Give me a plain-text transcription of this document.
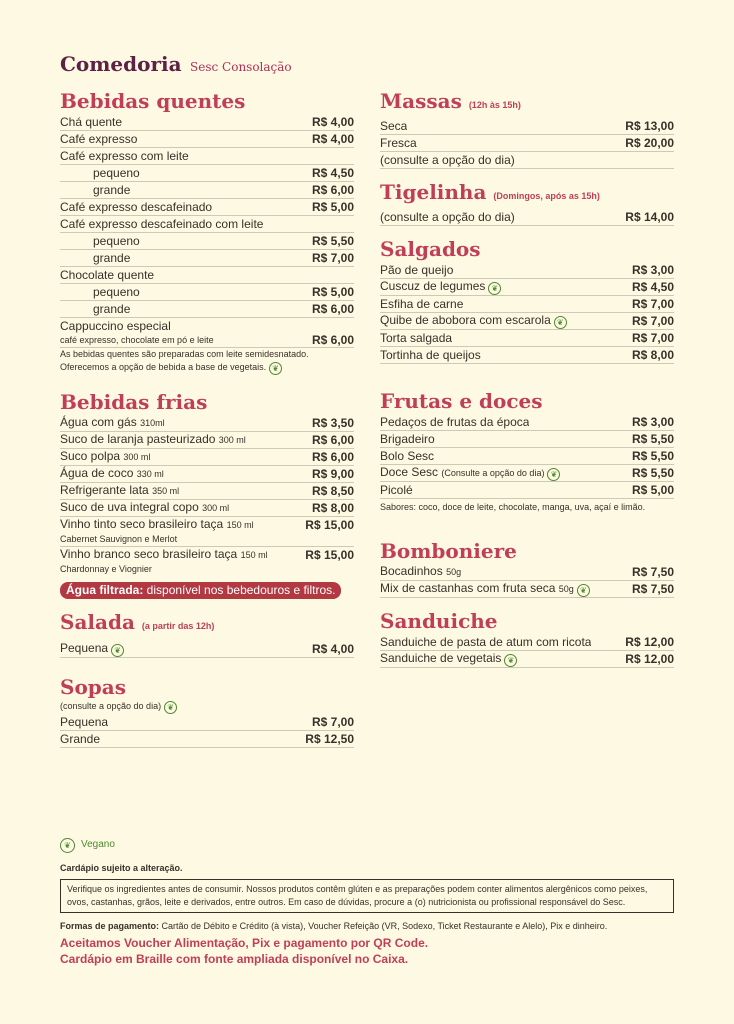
Comedoria Sesc Consolação
Bebidas quentes
Chá quente	R$ 4,00
Café expresso	R$ 4,00
Café expresso com leite
pequeno	R$ 4,50
grande	R$ 6,00
Café expresso descafeinado	R$ 5,00
Café expresso descafeinado com leite
pequeno	R$ 5,50
grande	R$ 7,00
Chocolate quente
pequeno	R$ 5,00
grande	R$ 6,00
Cappuccino especial
café expresso, chocolate em pó e leite	R$ 6,00
As bebidas quentes são preparadas com leite semidesnatado.
Oferecemos a opção de bebida a base de vegetais. ❦
Bebidas frias
Água com gás 310ml	R$ 3,50
Suco de laranja pasteurizado 300 ml	R$ 6,00
Suco polpa 300 ml	R$ 6,00
Água de coco 330 ml	R$ 9,00
Refrigerante lata 350 ml	R$ 8,50
Suco de uva integral copo 300 ml	R$ 8,00
Vinho tinto seco brasileiro taça 150 ml	R$ 15,00
Cabernet Sauvignon e Merlot
Vinho branco seco brasileiro taça 150 ml	R$ 15,00
Chardonnay e Viognier
Água filtrada: disponível nos bebedouros e filtros.
Salada (a partir das 12h)
Pequena ❦	R$ 4,00
Sopas
(consulte a opção do dia) ❦
Pequena	R$ 7,00
Grande	R$ 12,50
Massas (12h às 15h)
Seca	R$ 13,00
Fresca	R$ 20,00
(consulte a opção do dia)
Tigelinha (Domingos, após as 15h)
(consulte a opção do dia)	R$ 14,00
Salgados
Pão de queijo	R$ 3,00
Cuscuz de legumes ❦	R$ 4,50
Esfiha de carne	R$ 7,00
Quibe de abobora com escarola ❦	R$ 7,00
Torta salgada	R$ 7,00
Tortinha de queijos	R$ 8,00
Frutas e doces
Pedaços de frutas da época	R$ 3,00
Brigadeiro	R$ 5,50
Bolo Sesc	R$ 5,50
Doce Sesc (Consulte a opção do dia) ❦	R$ 5,50
Picolé	R$ 5,00
Sabores: coco, doce de leite, chocolate, manga, uva, açaí e limão.
Bomboniere
Bocadinhos 50g	R$ 7,50
Mix de castanhas com fruta seca 50g ❦	R$ 7,50
Sanduiche
Sanduiche de pasta de atum com ricota	R$ 12,00
Sanduiche de vegetais ❦	R$ 12,00
❦ Vegano
Cardápio sujeito a alteração.
Verifique os ingredientes antes de consumir. Nossos produtos contêm glúten e as preparações podem conter alimentos alergênicos como peixes, ovos, castanhas, grãos, leite e derivados, entre outros. Em caso de dúvidas, procure a (o) nutricionista ou profissional responsável do Sesc.
Formas de pagamento: Cartão de Débito e Crédito (à vista), Voucher Refeição (VR, Sodexo, Ticket Restaurante e Alelo), Pix e dinheiro.
Aceitamos Voucher Alimentação, Pix e pagamento por QR Code.
Cardápio em Braille com fonte ampliada disponível no Caixa.
